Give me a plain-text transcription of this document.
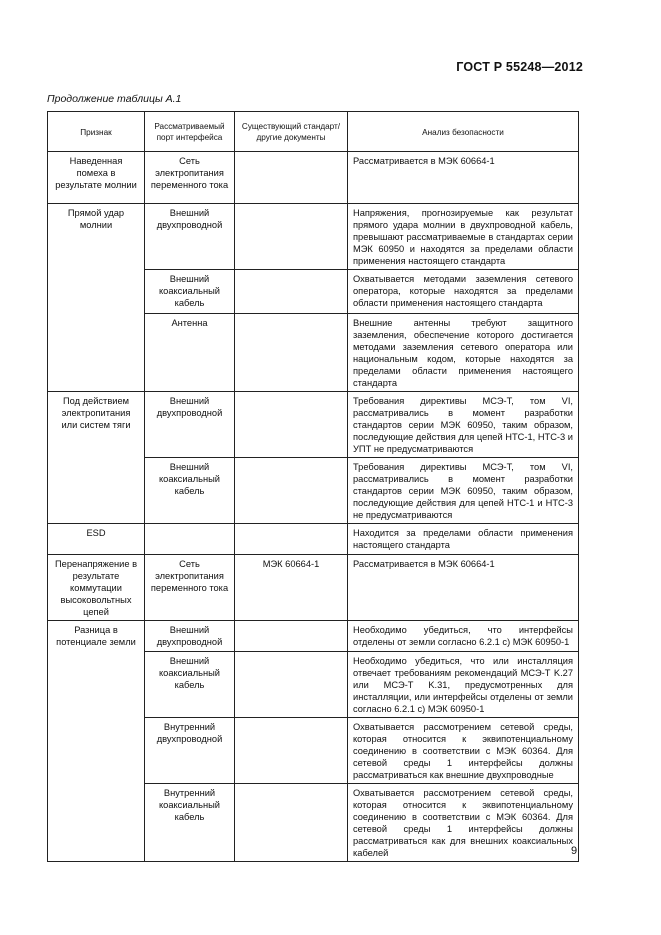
ГОСТ Р 55248—2012
Продолжение таблицы А.1
Признак	Рассматриваемый порт интерфейса	Существующий стандарт/другие документы	Анализ безопасности
Наведенная помеха в результате молнии	Сеть электропитания переменного тока		Рассматривается в МЭК 60664-1
Прямой удар молнии	Внешний двухпроводной		Напряжения, прогнозируемые как результат прямого удара молнии в двухпроводной кабель, превышают рассматриваемые в стандартах серии МЭК 60950 и находятся за пределами области применения настоящего стандарта
	Внешний коаксиальный кабель		Охватывается методами заземления сетевого оператора, которые находятся за пределами области применения настоящего стандарта
	Антенна		Внешние антенны требуют защитного заземления, обеспечение которого достигается методами заземления сетевого оператора или национальным кодом, которые находятся за пределами области применения настоящего стандарта
Под действием электропитания или систем тяги	Внешний двухпроводной		Требования директивы МСЭ-Т, том VI, рассматривались в момент разработки стандартов серии МЭК 60950, таким образом, последующие действия для цепей НТС-1, НТС-3 и УПТ не предусматриваются
	Внешний коаксиальный кабель		Требования директивы МСЭ-Т, том VI, рассматривались в момент разработки стандартов серии МЭК 60950, таким образом, последующие действия для цепей НТС-1 и НТС-3 не предусматриваются
ESD			Находится за пределами области применения настоящего стандарта
Перенапряжение в результате коммутации высоковольтных цепей	Сеть электропитания переменного тока	МЭК 60664-1	Рассматривается в МЭК 60664-1
Разница в потенциале земли	Внешний двухпроводной		Необходимо убедиться, что интерфейсы отделены от земли согласно 6.2.1 с) МЭК 60950-1
	Внешний коаксиальный кабель		Необходимо убедиться, что или инсталляция отвечает требованиям рекомендаций МСЭ-Т K.27 или МСЭ-Т K.31, предусмотренных для инсталляции, или интерфейсы отделены от земли согласно 6.2.1 с) МЭК 60950-1
	Внутренний двухпроводной		Охватывается рассмотрением сетевой среды, которая относится к эквипотенциальному соединению в соответствии с МЭК 60364. Для сетевой среды 1 интерфейсы должны рассматриваться как внешние двухпроводные
	Внутренний коаксиальный кабель		Охватывается рассмотрением сетевой среды, которая относится к эквипотенциальному соединению в соответствии с МЭК 60364. Для сетевой среды 1 интерфейсы должны рассматриваться как для внешних коаксиальных кабелей	9
